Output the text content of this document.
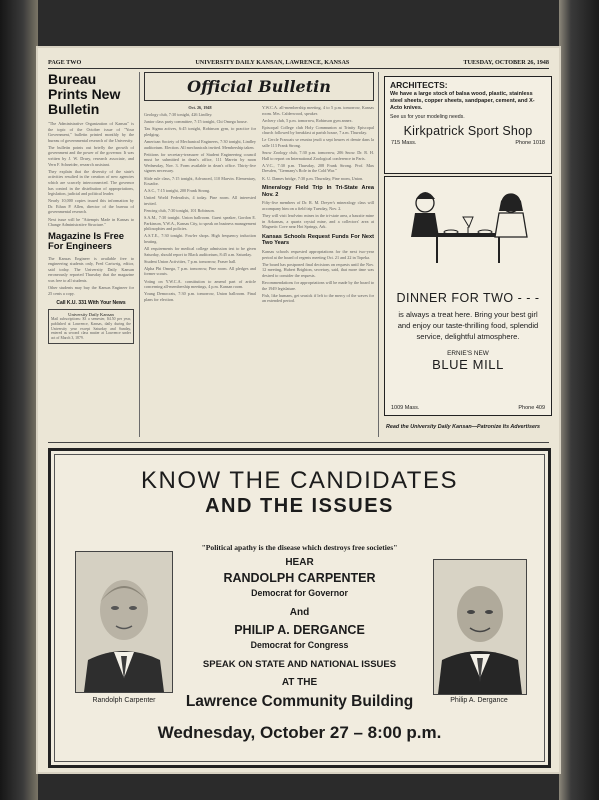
PAGE TWO	UNIVERSITY DAILY KANSAN, LAWRENCE, KANSAS	TUESDAY, OCTOBER 26, 1948
Bureau Prints New Bulletin

"The Administrative Organization of Kansas" is the topic of the October issue of "Your Government," bulletin printed monthly by the bureau of governmental research of the University.

The bulletin points out briefly the growth of government and the power of the governor. It was written by J. W. Drury, research associate, and Vern F. Schneider, research assistant.

They explain that the diversity of the state's activities resulted in the creation of new agencies which are scarcely interconnected. The governor has control in the distribution of appropriations, legislation, judicial and political leader.

Nearly 10,000 copies issued this information by Dr. Ethan P. Allen, director of the bureau of governmental research.

Next issue will be "Attempts Made in Kansas to Change Administrative Structure."

Magazine Is Free For Engineers

The Kansas Engineer is available free to engineering students only, Fred Cartwrig, editor, said today. The University Daily Kansan erroneously reported Thursday that the magazine was free to all students.

Other students may buy the Kansas Engineer for 25 cents a copy.

Call K.U. 331 With Your News
University Daily Kansan
Mail subscriptions: $3 a semester, $4.50 per year, published at Lawrence, Kansas, daily during the University year except Saturday and Sunday, entered as second class matter at Lawrence under act of March 3, 1879.
Official Bulletin

Oct. 26, 1948

Geology club, 7:30 tonight, 426 Lindley.

Junior class party committee, 7:15 tonight, Chi Omega house.

Tau Sigma actives, 6:45 tonight, Robinson gym, to practice for pledging.

American Society of Mechanical Engineers, 7:30 tonight, Lindley auditorium. Election. All mechanicals invited. Membership taken.

Petitions for secretary-treasurer of Student Engineering council must be submitted in dean's office, 111 Marvin by noon Wednesday, Nov. 3. Form available in dean's office. Thirty-five signers necessary.

Slide rule class, 7:15 tonight, Advanced, 110 Marvin. Elementary, Ecuador.

A.S.C., 7:15 tonight, 200 Frank Strong.

United World Federalists, 4 today. Pine room. All interested invited.

Fencing club, 7:30 tonight, 101 Robinson.

S.A.M., 7:30 tonight. Union ballroom. Guest speaker, Gordon E. Parkinson, Y.W.A., Kansas City, to speak on business management philosophies and policies.

A.S.T.E., 7:30 tonight. Fowler shops. High frequency induction heating.

All requirements for medical college admission test to be given Saturday, should report to Black auditorium, 8:45 a.m. Saturday.

Student Union Activities, 7 p.m. tomorrow, Fraser hall.

Alpha Phi Omega, 7 p.m. tomorrow, Pine room. All pledges and former scouts.

Voting on Y.W.C.A. constitution to amend part of article concerning all-membership meetings, 4 p.m. Kansan room.

Young Democrats, 7:30 p.m. tomorrow, Union ballroom. Final plans for election.

Y.W.C.A. all-membership meeting, 4 to 5 p.m. tomorrow, Kansas room. Mrs. Calderwood, speaker.

Archery club, 5 p.m. tomorrow, Robinson gym annex.

Episcopal College club Holy Communion at Trinity Episcopal church followed by breakfast at parish house, 7 a.m. Thursday.

Le Cercle Francais se reunira jeudi a sept heures et demie dans la salle 113 Frank Strong.

Snow Zoology club, 7:30 p.m. tomorrow, 206 Snow. Dr. R. H. Hall to report on International Zoological conference in Paris.

A.V.C., 7:30 p.m. Thursday, 208 Frank Strong. Prof. Max Dresden, "Germany's Role in the Cold War."

K. U. Dames bridge, 7:30 p.m. Thursday, Pine room, Union.

Mineralogy Field Trip In Tri-State Area Nov. 2

Fifty-five members of Dr. R. M. Dreyer's mineralogy class will accompany him on a field trip Tuesday, Nov. 2.

They will visit lead-zinc mines in the tri-state area, a bauxite mine in Arkansas, a quartz crystal mine, and a collectors' area at Magnetic Cove near Hot Springs, Ark.

Kansas Schools Request Funds For Next Two Years

Kansas schools requested appropriations for the next two-year period at the board of regents meeting Oct. 21 and 22 in Topeka.

The board has postponed final decisions on requests until the Nov. 12 meeting, Hubert Brighton, secretary, said, that more time was desired to consider the requests.

Recommendations for appropriations will be made by the board to the 1949 legislature.

Fish, like humans, get seasick if left to the mercy of the waves for an extended period.

ARCHITECTS:
We have a large stock of balsa wood, plastic, stainless steel sheets, copper sheets, sandpaper, cement, and X-Acto knives.
See us for your modeling needs.
Kirkpatrick Sport Shop
715 Mass.	Phone 1018
DINNER FOR TWO - - -
is always a treat here. Bring your best girl and enjoy our taste-thrilling food, splendid service, delightful atmosphere.
ERNIE'S NEW
BLUE MILL
1009 Mass.	Phone 409
Read the University Daily Kansan—Patronize Its Advertisers
KNOW THE CANDIDATES
AND THE ISSUES
"Political apathy is the disease which destroys free societies"
HEAR
RANDOLPH CARPENTER
Democrat for Governor
And
PHILIP A. DERGANCE
Democrat for Congress
SPEAK ON STATE AND NATIONAL ISSUES
AT THE
Lawrence Community Building
Wednesday, October 27 – 8:00 p.m.
Randolph Carpenter	Philip A. Dergance
